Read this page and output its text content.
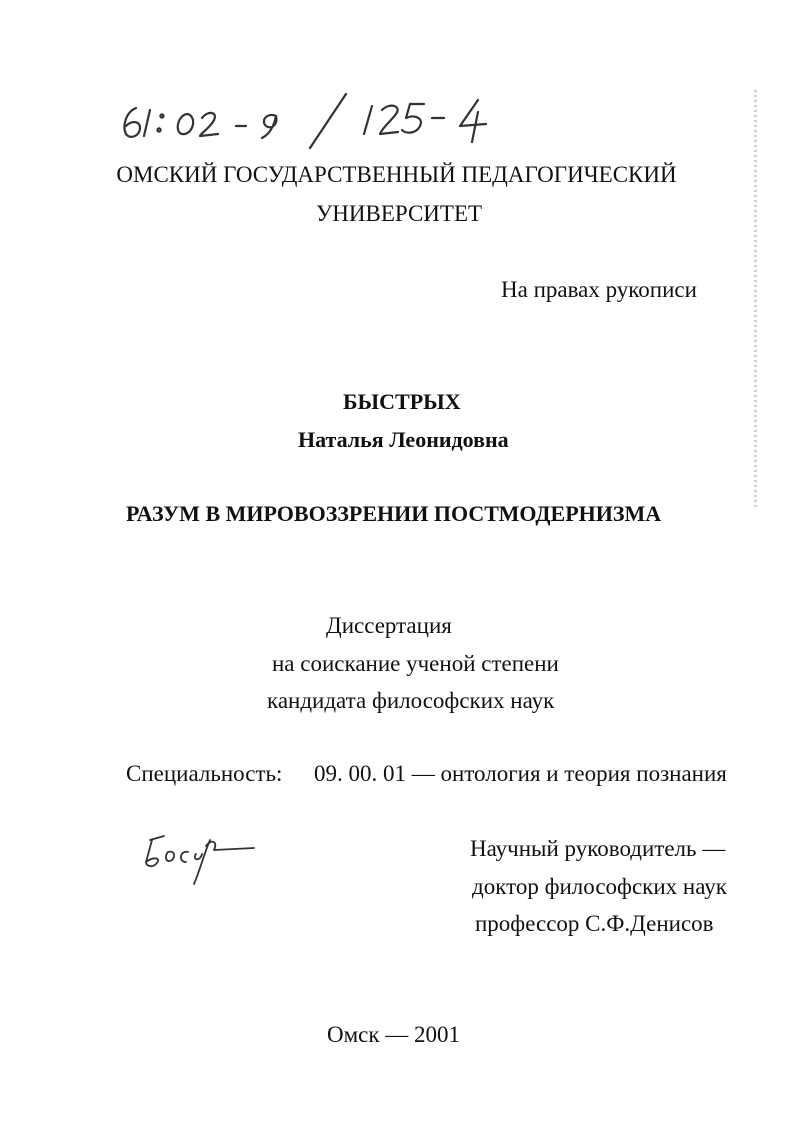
ОМСКИЙ ГОСУДАРСТВЕННЫЙ ПЕДАГОГИЧЕСКИЙ
УНИВЕРСИТЕТ
На правах рукописи
БЫСТРЫХ
Наталья Леонидовна
РАЗУМ В МИРОВОЗЗРЕНИИ ПОСТМОДЕРНИЗМА
Диссертация
на соискание ученой степени
кандидата философских наук
Специальность: 09. 00. 01 — онтология и теория познания
Научный руководитель —
доктор философских наук
профессор С.Ф.Денисов
Омск — 2001
